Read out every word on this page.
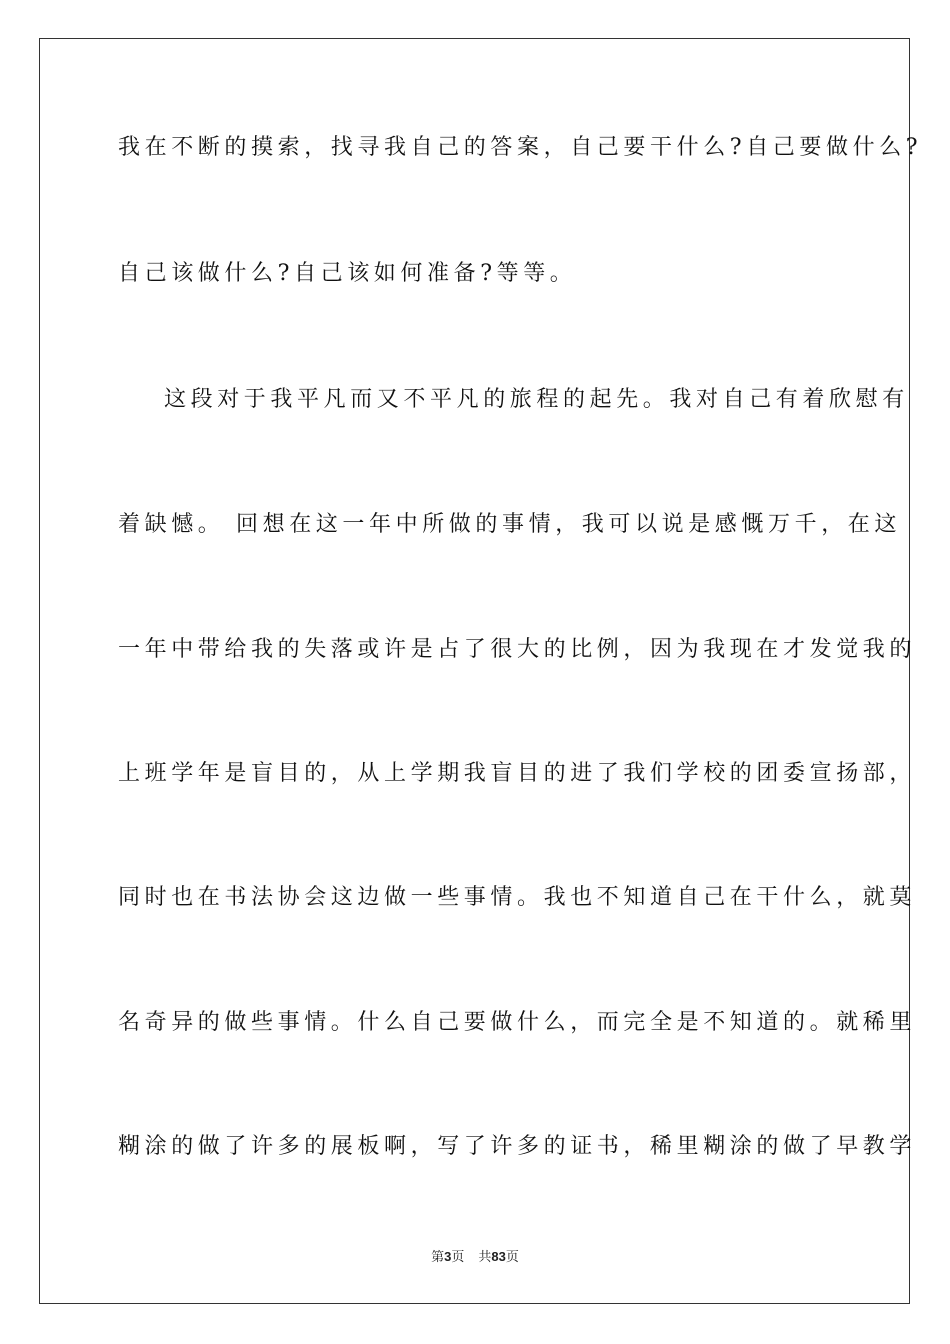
我在不断的摸索，找寻我自己的答案，自己要干什么?自己要做什么?
自己该做什么?自己该如何准备?等等。
这段对于我平凡而又不平凡的旅程的起先。我对自己有着欣慰有
着缺憾。 回想在这一年中所做的事情，我可以说是感慨万千，在这
一年中带给我的失落或许是占了很大的比例，因为我现在才发觉我的
上班学年是盲目的，从上学期我盲目的进了我们学校的团委宣扬部，
同时也在书法协会这边做一些事情。我也不知道自己在干什么，就莫
名奇异的做些事情。什么自己要做什么，而完全是不知道的。就稀里
糊涂的做了许多的展板啊，写了许多的证书，稀里糊涂的做了早教学
第3页 共83页
